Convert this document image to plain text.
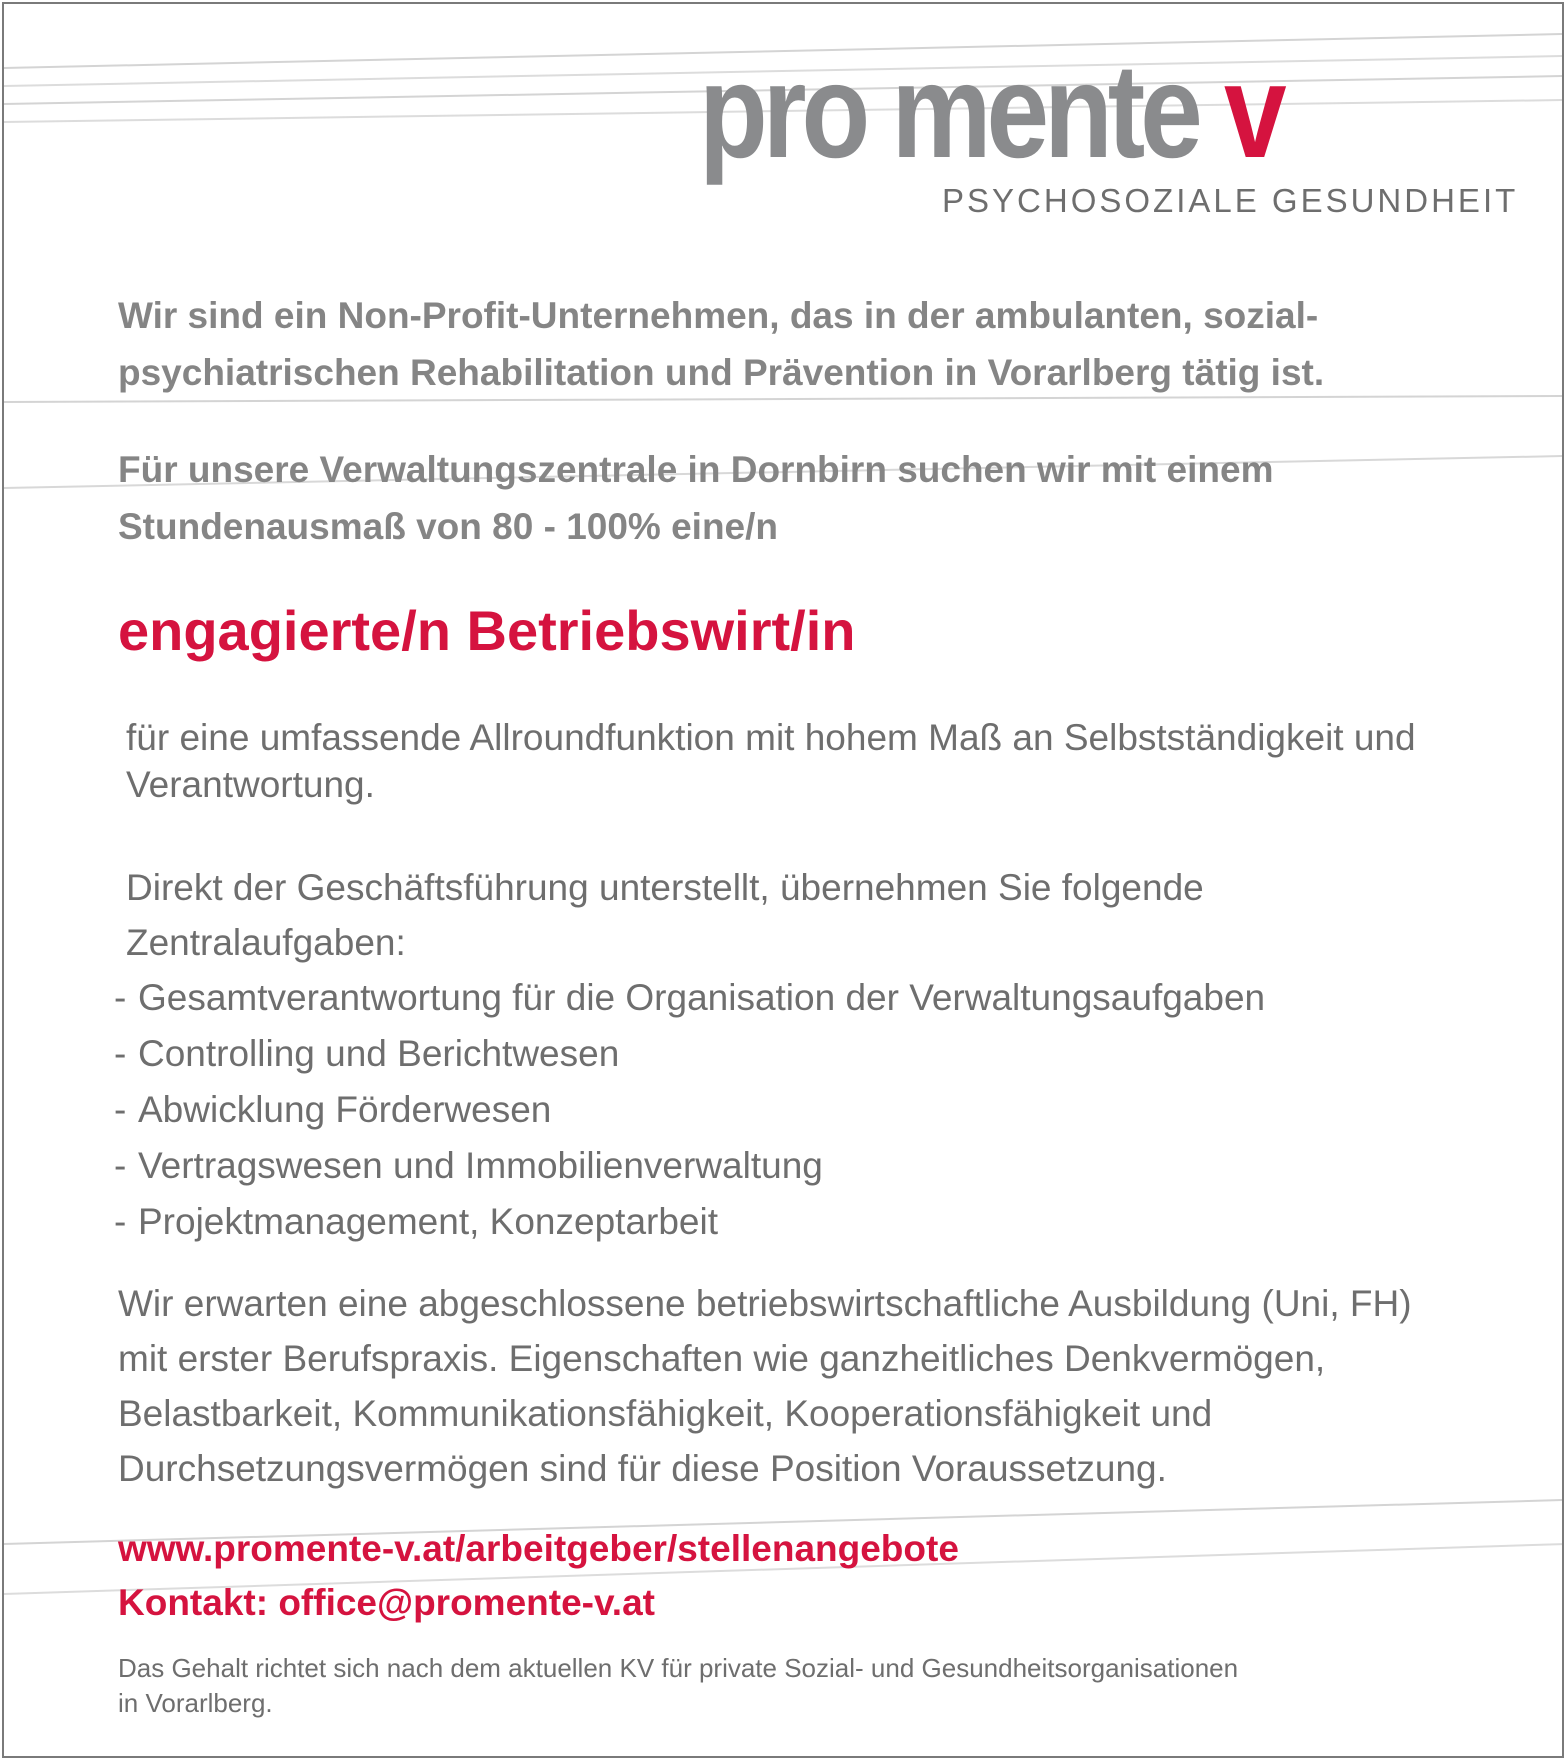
pro mente v
PSYCHOSOZIALE GESUNDHEIT
Wir sind ein Non-Profit-Unternehmen, das in der ambulanten, sozial-
psychiatrischen Rehabilitation und Prävention in Vorarlberg tätig ist.
Für unsere Verwaltungszentrale in Dornbirn suchen wir mit einem
Stundenausmaß von 80 - 100% eine/n
engagierte/n Betriebswirt/in
für eine umfassende Allroundfunktion mit hohem Maß an Selbstständigkeit und
Verantwortung.
Direkt der Geschäftsführung unterstellt, übernehmen Sie folgende
Zentralaufgaben:
- Gesamtverantwortung für die Organisation der Verwaltungsaufgaben
- Controlling und Berichtwesen
- Abwicklung Förderwesen
- Vertragswesen und Immobilienverwaltung
- Projektmanagement, Konzeptarbeit
Wir erwarten eine abgeschlossene betriebswirtschaftliche Ausbildung (Uni, FH)
mit erster Berufspraxis. Eigenschaften wie ganzheitliches Denkvermögen,
Belastbarkeit, Kommunikationsfähigkeit, Kooperationsfähigkeit und
Durchsetzungsvermögen sind für diese Position Voraussetzung.
www.promente-v.at/arbeitgeber/stellenangebote
Kontakt: office@promente-v.at
Das Gehalt richtet sich nach dem aktuellen KV für private Sozial- und Gesundheitsorganisationen
in Vorarlberg.
